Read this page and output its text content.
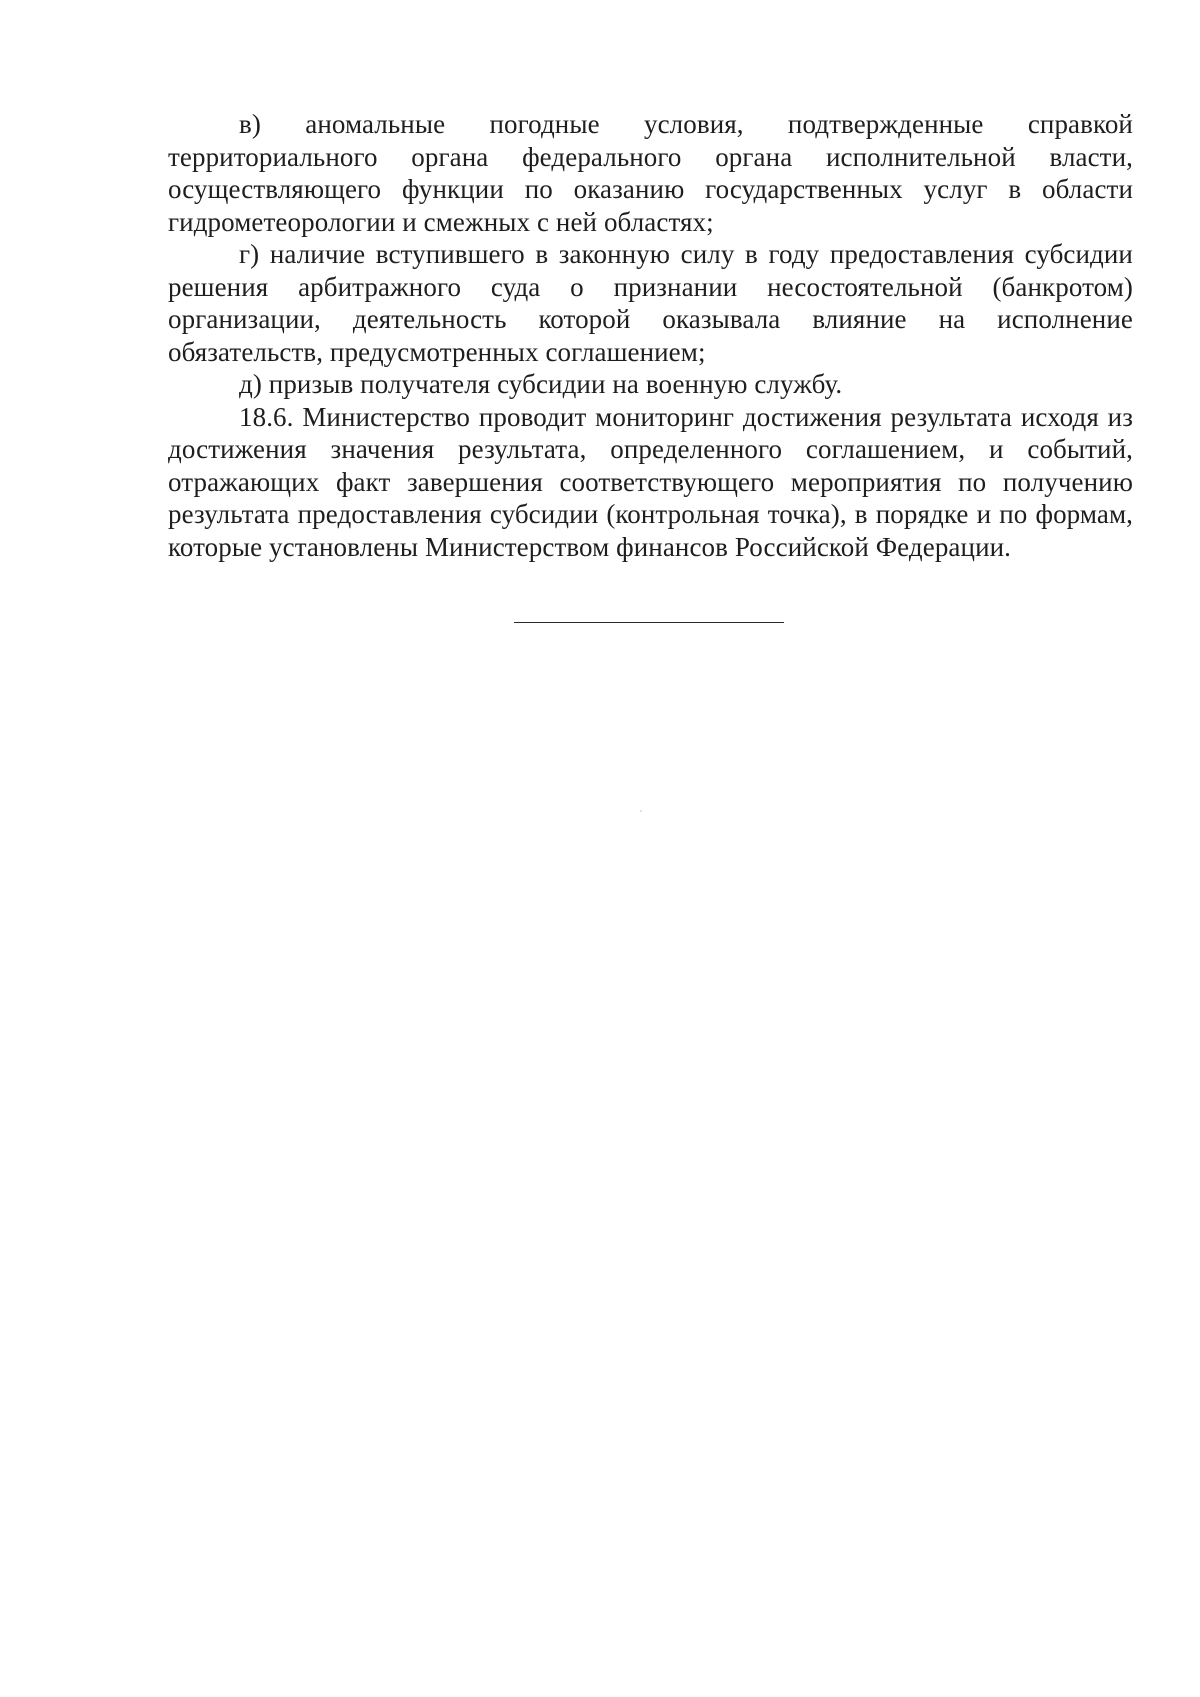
в) аномальные погодные условия, подтвержденные справкой территориального органа федерального органа исполнительной власти, осуществляющего функции по оказанию государственных услуг в области гидрометеорологии и смежных с ней областях;

г) наличие вступившего в законную силу в году предоставления субсидии решения арбитражного суда о признании несостоятельной (банкротом) организации, деятельность которой оказывала влияние на исполнение обязательств, предусмотренных соглашением;

д) призыв получателя субсидии на военную службу.

18.6. Министерство проводит мониторинг достижения результата исходя из достижения значения результата, определенного соглашением, и событий, отражающих факт завершения соответствующего мероприятия по получению результата предоставления субсидии (контрольная точка), в порядке и по формам, которые установлены Министерством финансов Российской Федерации.
